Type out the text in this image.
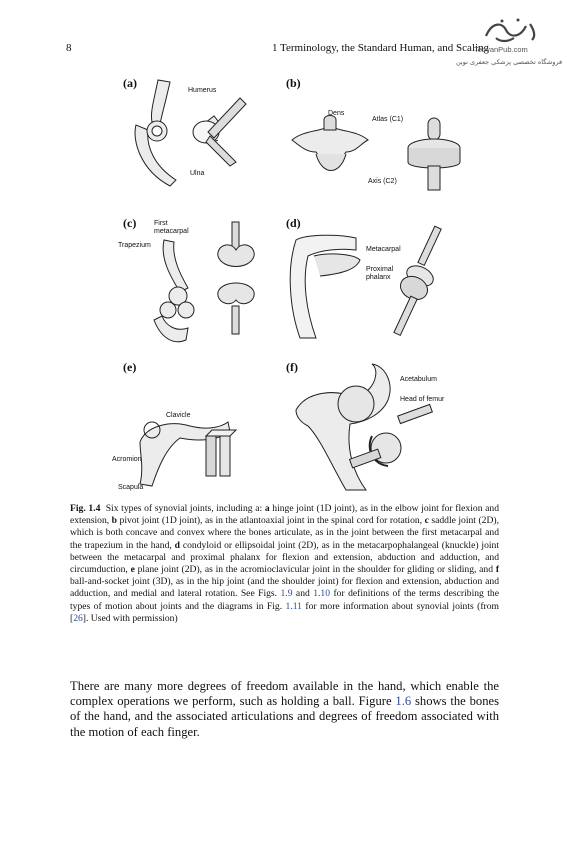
8	1 Terminology, the Standard Human, and Scaling
TebyanPub.com
فروشگاه تخصصی پزشکی جعفری نوین
(a)
Humerus
Ulna
(b)
Dens
Atlas (C1)
Axis (C2)
(c)	First metacarpal
Trapezium
(d)
Metacarpal
Proximal phalanx
(e)
Clavicle
Acromion
Scapula
(f)
Acetabulum
Head of femur
Fig. 1.4 Six types of synovial joints, including a: a hinge joint (1D joint), as in the elbow joint for flexion and extension, b pivot joint (1D joint), as in the atlantoaxial joint in the spinal cord for rotation, c saddle joint (2D), which is both concave and convex where the bones articulate, as in the joint between the first metacarpal and the trapezium in the hand, d condyloid or ellipsoidal joint (2D), as in the metacarpophalangeal (knuckle) joint between the metacarpal and proximal phalanx for flexion and extension, abduction and adduction, and circumduction, e plane joint (2D), as in the acromioclavicular joint in the shoulder for gliding or sliding, and f ball-and-socket joint (3D), as in the hip joint (and the shoulder joint) for flexion and extension, abduction and adduction, and medial and lateral rotation. See Figs. 1.9 and 1.10 for definitions of the terms describing the types of motion about joints and the diagrams in Fig. 1.11 for more information about synovial joints (from [26]. Used with permission)
There are many more degrees of freedom available in the hand, which enable the complex operations we perform, such as holding a ball. Figure 1.6 shows the bones of the hand, and the associated articulations and degrees of freedom associated with the motion of each finger.
